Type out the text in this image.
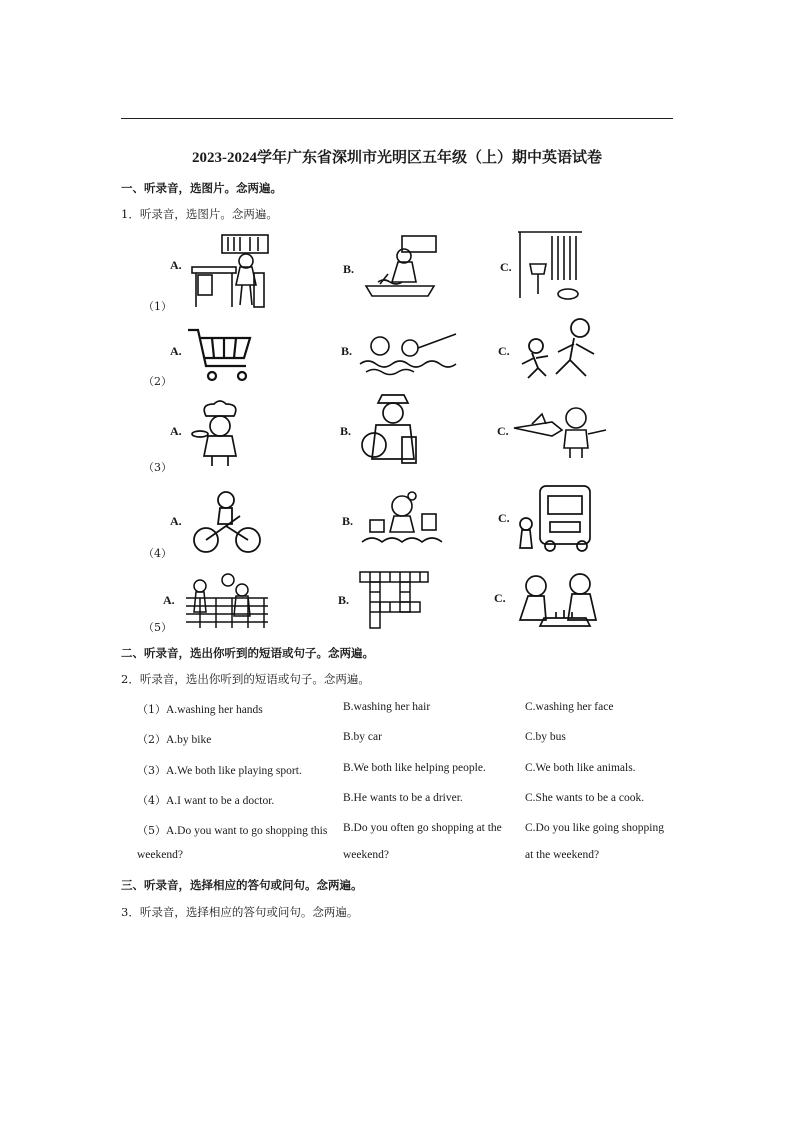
2023-2024学年广东省深圳市光明区五年级（上）期中英语试卷
一、听录音，选图片。念两遍。
1．听录音，选图片。念两遍。
（1）
A.	B.	C.
（2）
A.	B.	C.
（3）
A.	B.	C.
（4）
A.	B.	C.
（5）
A.	B.	C.
二、听录音，选出你听到的短语或句子。念两遍。
2．听录音，选出你听到的短语或句子。念两遍。
（1）A.washing her hands	B.washing her hair	C.washing her face
（2）A.by bike	B.by car	C.by bus
（3）A.We both like playing sport.	B.We both like helping people.	C.We both like animals.
（4）A.I want to be a doctor.	B.He wants to be a driver.	C.She wants to be a cook.
（5）A.Do you want to go shopping this
weekend?
B.Do you often go shopping at the
weekend?
C.Do you like going shopping
at the weekend?
三、听录音，选择相应的答句或问句。念两遍。
3．听录音，选择相应的答句或问句。念两遍。
